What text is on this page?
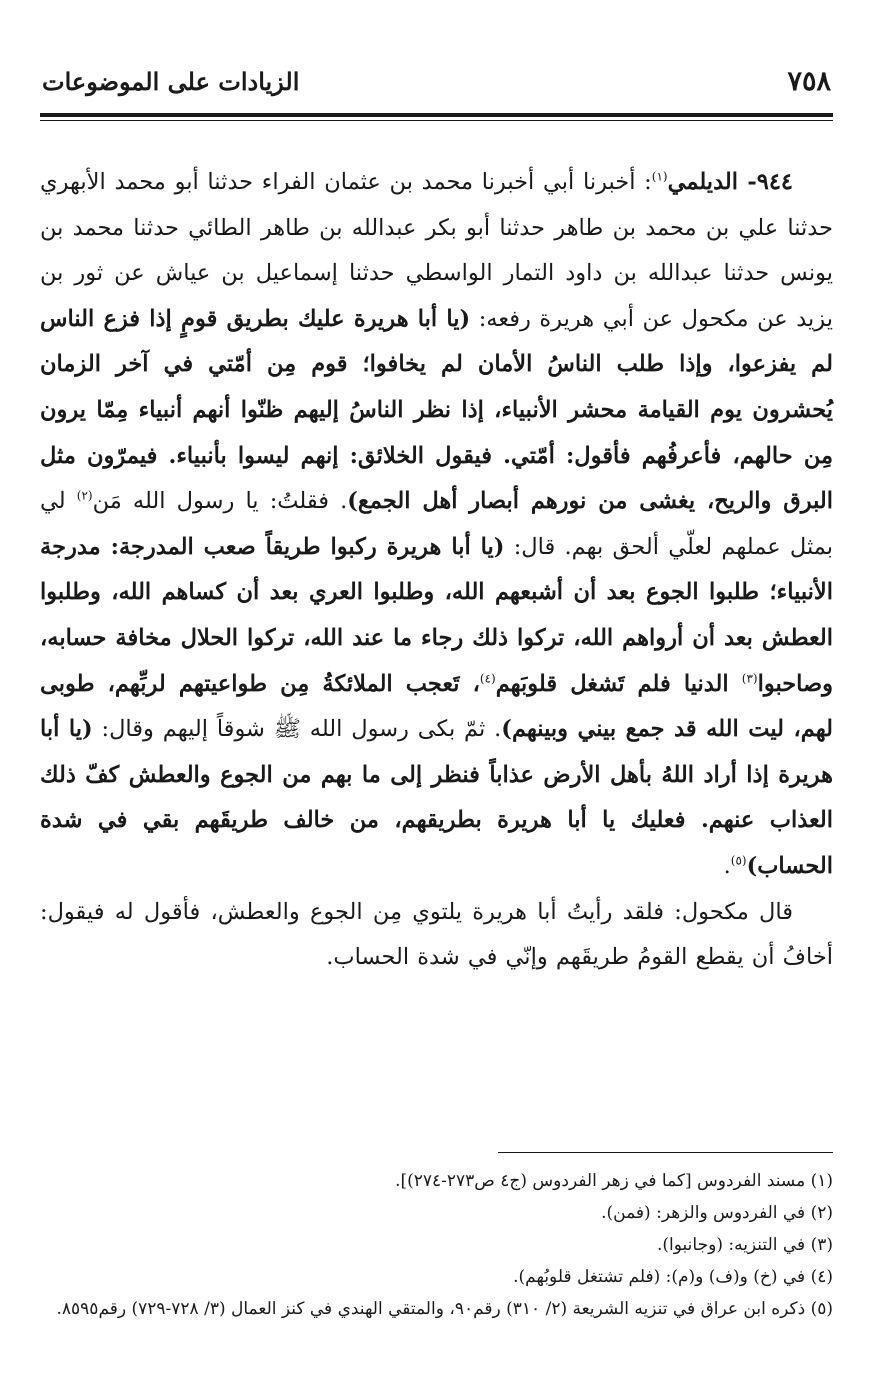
٧٥٨
الزيادات على الموضوعات

٩٤٤- الديلمي$^{(١)}$: أخبرنا أبي أخبرنا محمد بن عثمان الفراء حدثنا أبو محمد الأبهري حدثنا علي بن محمد بن طاهر حدثنا أبو بكر عبدالله بن طاهر الطائي حدثنا محمد بن يونس حدثنا عبدالله بن داود التمار الواسطي حدثنا إسماعيل بن عياش عن ثور بن يزيد عن مكحول عن أبي هريرة رفعه: (يا أبا هريرة عليك بطريق قومٍ إذا فزع الناس لم يفزعوا، وإذا طلب الناسُ الأمان لم يخافوا؛ قوم مِن أمّتي في آخر الزمان يُحشرون يوم القيامة محشر الأنبياء، إذا نظر الناسُ إليهم ظنّوا أنهم أنبياء مِمّا يرون مِن حالهم، فأعرفُهم فأقول: أمّتي. فيقول الخلائق: إنهم ليسوا بأنبياء. فيمرّون مثل البرق والريح، يغشى من نورهم أبصار أهل الجمع). فقلتُ: يا رسول الله مَن$^{(٢)}$ لي بمثل عملهم لعلّي ألحق بهم. قال: (يا أبا هريرة ركبوا طريقاً صعب المدرجة: مدرجة الأنبياء؛ طلبوا الجوع بعد أن أشبعهم الله، وطلبوا العري بعد أن كساهم الله، وطلبوا العطش بعد أن أرواهم الله، تركوا ذلك رجاء ما عند الله، تركوا الحلال مخافة حسابه، وصاحبوا$^{(٣)}$ الدنيا فلم تَشغل قلوبَهم$^{(٤)}$، تَعجب الملائكةُ مِن طواعيتهم لربِّهم، طوبى لهم، ليت الله قد جمع بيني وبينهم). ثمّ بكى رسول الله ﷺ شوقاً إليهم وقال: (يا أبا هريرة إذا أراد اللهُ بأهل الأرض عذاباً فنظر إلى ما بهم من الجوع والعطش كفّ ذلك العذاب عنهم. فعليك يا أبا هريرة بطريقهم، من خالف طريقَهم بقي في شدة الحساب)$^{(٥)}$.

قال مكحول: فلقد رأيتُ أبا هريرة يلتوي مِن الجوع والعطش، فأقول له فيقول: أخافُ أن يقطع القومُ طريقَهم وإنّي في شدة الحساب.

(١) مسند الفردوس [كما في زهر الفردوس (ج٤ ص٢٧٣-٢٧٤)].
(٢) في الفردوس والزهر: (فمن).
(٣) في التنزيه: (وجانبوا).
(٤) في (خ) و(ف) و(م): (فلم تشتغل قلوبُهم).
(٥) ذكره ابن عراق في تنزيه الشريعة (٢/ ٣١٠) رقم٩٠، والمتقي الهندي في كنز العمال (٣/ ٧٢٨-٧٢٩) رقم٨٥٩٥.
